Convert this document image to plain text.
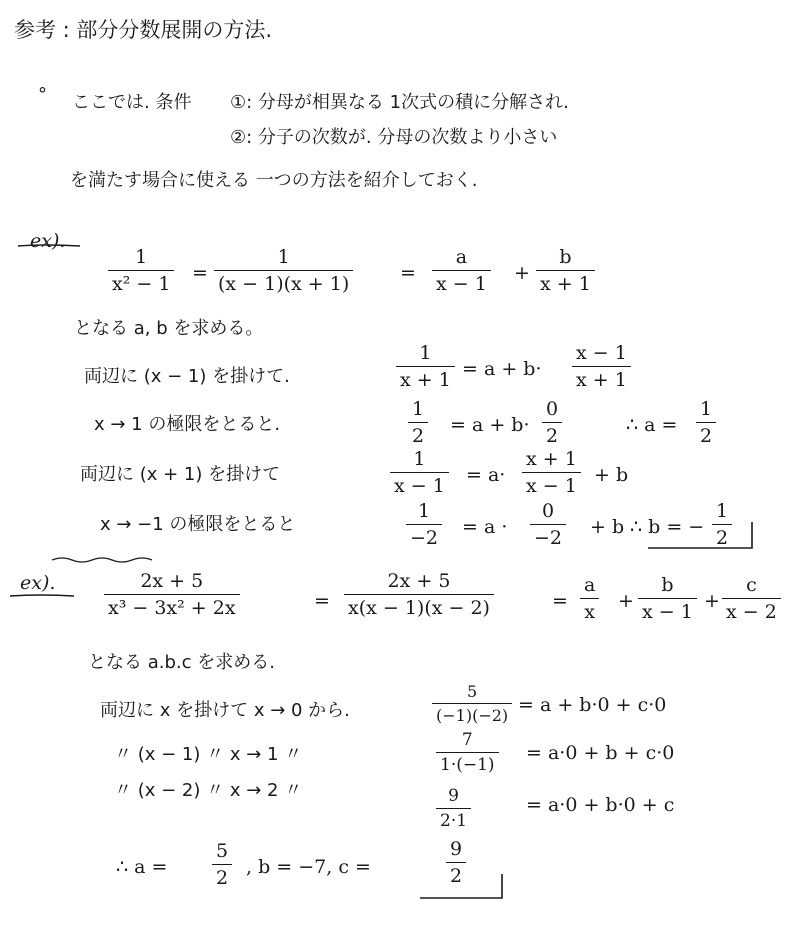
参考 : 部分分数展開の方法.
° ここでは. 条件 ①: 分母が相異なる 1次式の積に分解され.
②: 分子の次数が. 分母の次数より小さい
を満たす場合に使える 一つの方法を紹介しておく.
ex).
1
x² − 1 =
1
(x − 1)(x + 1)	=
a
x − 1 +
b
x + 1
となる a, b を求める。
両辺に (x − 1) を掛けて.
1
x + 1 = a + b·
x − 1
x + 1
x → 1 の極限をとると.
1
2 = a + b·
0
2	∴ a =
1
2
両辺に (x + 1) を掛けて
1
x − 1 = a·
x + 1
x − 1 + b
x → −1 の極限をとると
1
−2 = a ·
0
−2 + b ∴ b = −
1
2
ex).	2x + 5
x³ − 3x² + 2x	=
2x + 5
x(x − 1)(x − 2)	=
a
x +
b
x − 1 +
c
x − 2
となる a.b.c を求める.
両辺に x を掛けて x → 0 から.
5
(−1)(−2) = a + b·0 + c·0
〃 (x − 1) 〃 x → 1 〃
7
1·(−1)
= a·0 + b + c·0
〃 (x − 2) 〃 x → 2 〃	9
2·1
= a·0 + b·0 + c
∴ a =
5
2 , b = −7, c =
9
2
